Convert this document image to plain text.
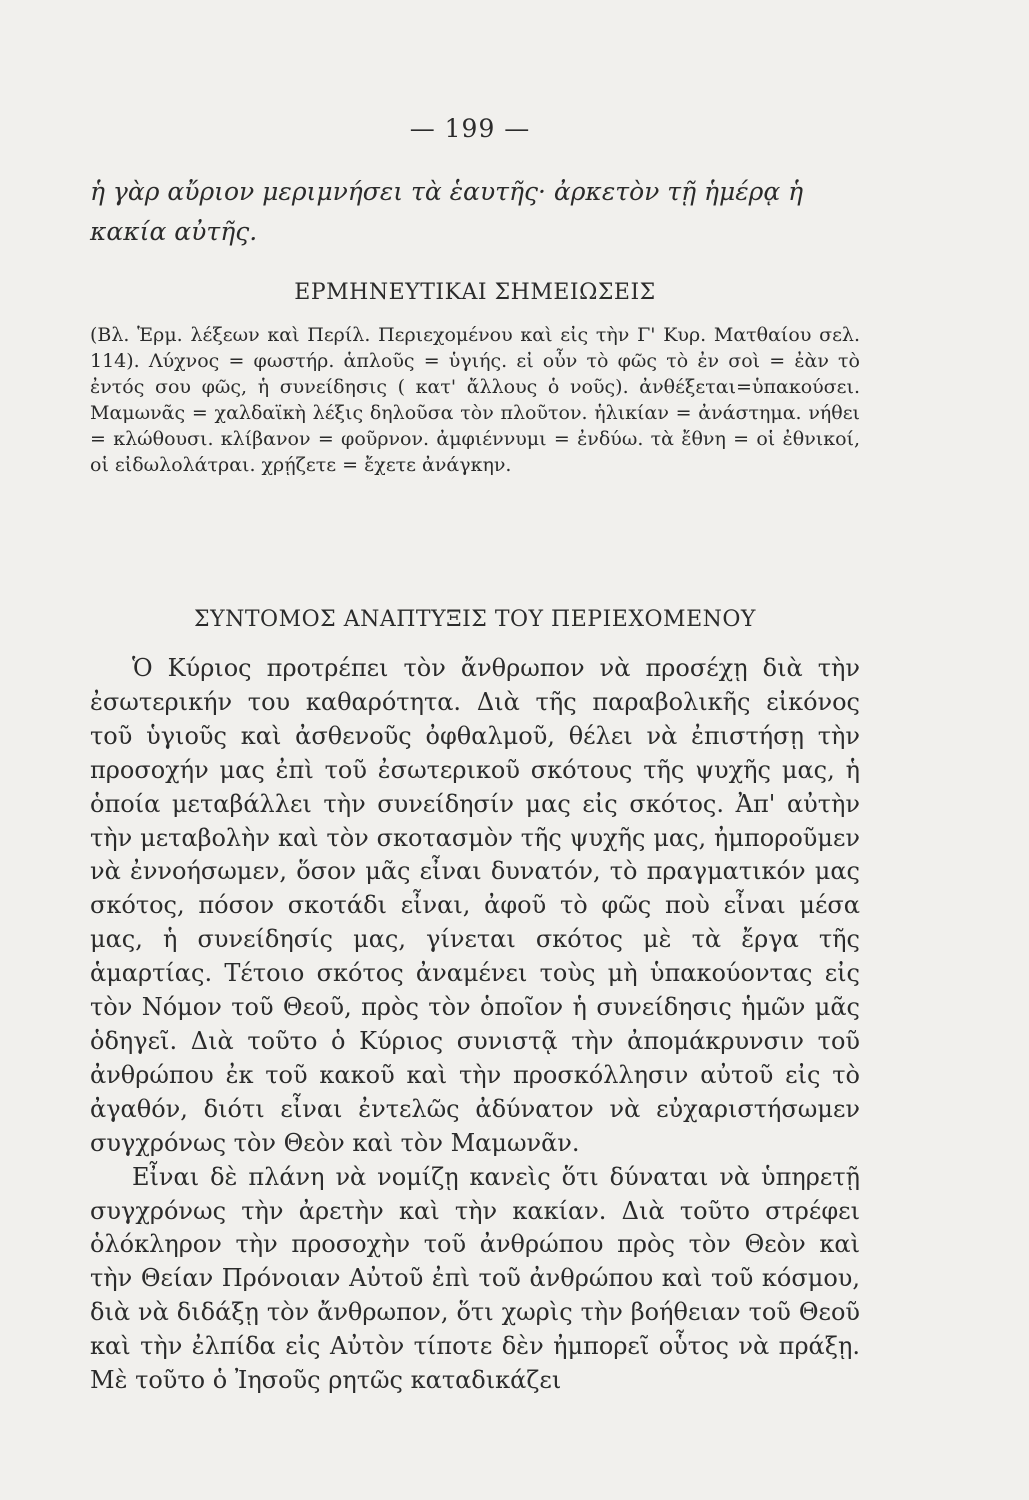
— 199 —

ἡ γὰρ αὔριον μεριμνήσει τὰ ἑαυτῆς· ἀρκετὸν τῇ ἡμέρᾳ ἡ κακία αὐτῆς.

ΕΡΜΗΝΕΥΤΙΚΑΙ ΣΗΜΕΙΩΣΕΙΣ

(Βλ. Ἑρμ. λέξεων καὶ Περίλ. Περιεχομένου καὶ εἰς τὴν Γ' Κυρ. Ματθαίου σελ. 114). Λύχνος = φωστήρ. ἁπλοῦς = ὑγιής. εἰ οὖν τὸ φῶς τὸ ἐν σοὶ = ἐὰν τὸ ἐντός σου φῶς, ἡ συνείδησις ( κατ' ἄλλους ὁ νοῦς). ἀνθέξεται=ὑπακούσει. Μαμωνᾶς = χαλδαϊκὴ λέξις δηλοῦσα τὸν πλοῦτον. ἡλικίαν = ἀνάστημα. νήθει = κλώθουσι. κλίβανον = φοῦρνον. ἀμφιέννυμι = ἐνδύω. τὰ ἔθνη = οἱ ἐθνικοί, οἱ εἰδωλολάτραι. χρῄζετε = ἔχετε ἀνάγκην.

ΣΥΝΤΟΜΟΣ ΑΝΑΠΤΥΞΙΣ ΤΟΥ ΠΕΡΙΕΧΟΜΕΝΟΥ

Ὁ Κύριος προτρέπει τὸν ἄνθρωπον νὰ προσέχῃ διὰ τὴν ἐσωτερικήν του καθαρότητα. Διὰ τῆς παραβολικῆς εἰκόνος τοῦ ὑγιοῦς καὶ ἀσθενοῦς ὀφθαλμοῦ, θέλει νὰ ἐπιστήσῃ τὴν προσοχήν μας ἐπὶ τοῦ ἐσωτερικοῦ σκότους τῆς ψυχῆς μας, ἡ ὁποία μεταβάλλει τὴν συνείδησίν μας εἰς σκότος. Ἀπ' αὐτὴν τὴν μεταβολὴν καὶ τὸν σκοτασμὸν τῆς ψυχῆς μας, ἠμποροῦμεν νὰ ἐννοήσωμεν, ὅσον μᾶς εἶναι δυνατόν, τὸ πραγματικόν μας σκότος, πόσον σκοτάδι εἶναι, ἀφοῦ τὸ φῶς ποὺ εἶναι μέσα μας, ἡ συνείδησίς μας, γίνεται σκότος μὲ τὰ ἔργα τῆς ἁμαρτίας. Τέτοιο σκότος ἀναμένει τοὺς μὴ ὑπακούοντας εἰς τὸν Νόμον τοῦ Θεοῦ, πρὸς τὸν ὁποῖον ἡ συνείδησις ἡμῶν μᾶς ὁδηγεῖ. Διὰ τοῦτο ὁ Κύριος συνιστᾷ τὴν ἀπομάκρυνσιν τοῦ ἀνθρώπου ἐκ τοῦ κακοῦ καὶ τὴν προσκόλλησιν αὐτοῦ εἰς τὸ ἀγαθόν, διότι εἶναι ἐντελῶς ἀδύνατον νὰ εὐχαριστήσωμεν συγχρόνως τὸν Θεὸν καὶ τὸν Μαμωνᾶν.

Εἶναι δὲ πλάνη νὰ νομίζῃ κανεὶς ὅτι δύναται νὰ ὑπηρετῇ συγχρόνως τὴν ἀρετὴν καὶ τὴν κακίαν. Διὰ τοῦτο στρέφει ὁλόκληρον τὴν προσοχὴν τοῦ ἀνθρώπου πρὸς τὸν Θεὸν καὶ τὴν Θείαν Πρόνοιαν Αὐτοῦ ἐπὶ τοῦ ἀνθρώπου καὶ τοῦ κόσμου, διὰ νὰ διδάξῃ τὸν ἄνθρωπον, ὅτι χωρὶς τὴν βοήθειαν τοῦ Θεοῦ καὶ τὴν ἐλπίδα εἰς Αὐτὸν τίποτε δὲν ἠμπορεῖ οὗτος νὰ πράξῃ. Μὲ τοῦτο ὁ Ἰησοῦς ρητῶς καταδικάζει
